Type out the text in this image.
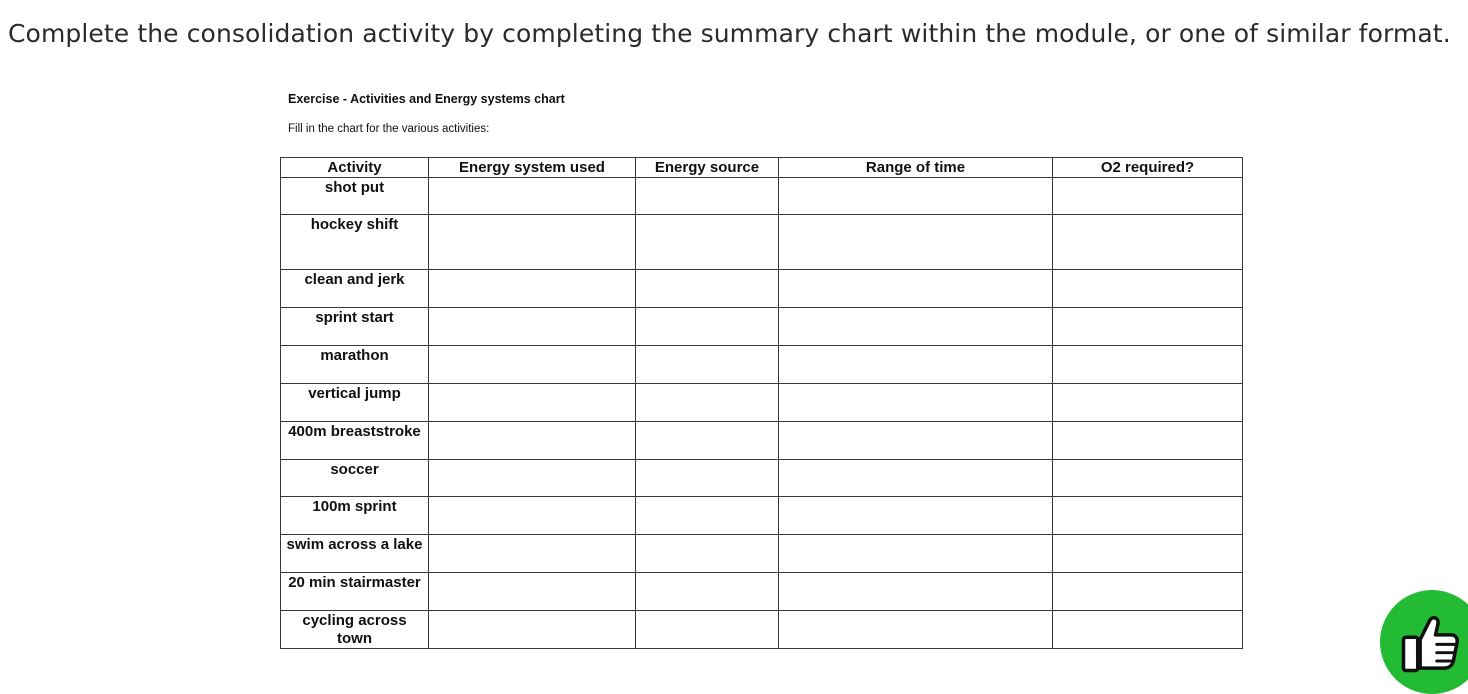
Complete the consolidation activity by completing the summary chart within the module, or one of similar format.
Exercise - Activities and Energy systems chart
Fill in the chart for the various activities:
Activity	Energy system used	Energy source	Range of time	O2 required?
shot put				
hockey shift				
clean and jerk				
sprint start				
marathon				
vertical jump				
400m breaststroke				
soccer				
100m sprint				
swim across a lake				
20 min stairmaster				
cycling across town				
